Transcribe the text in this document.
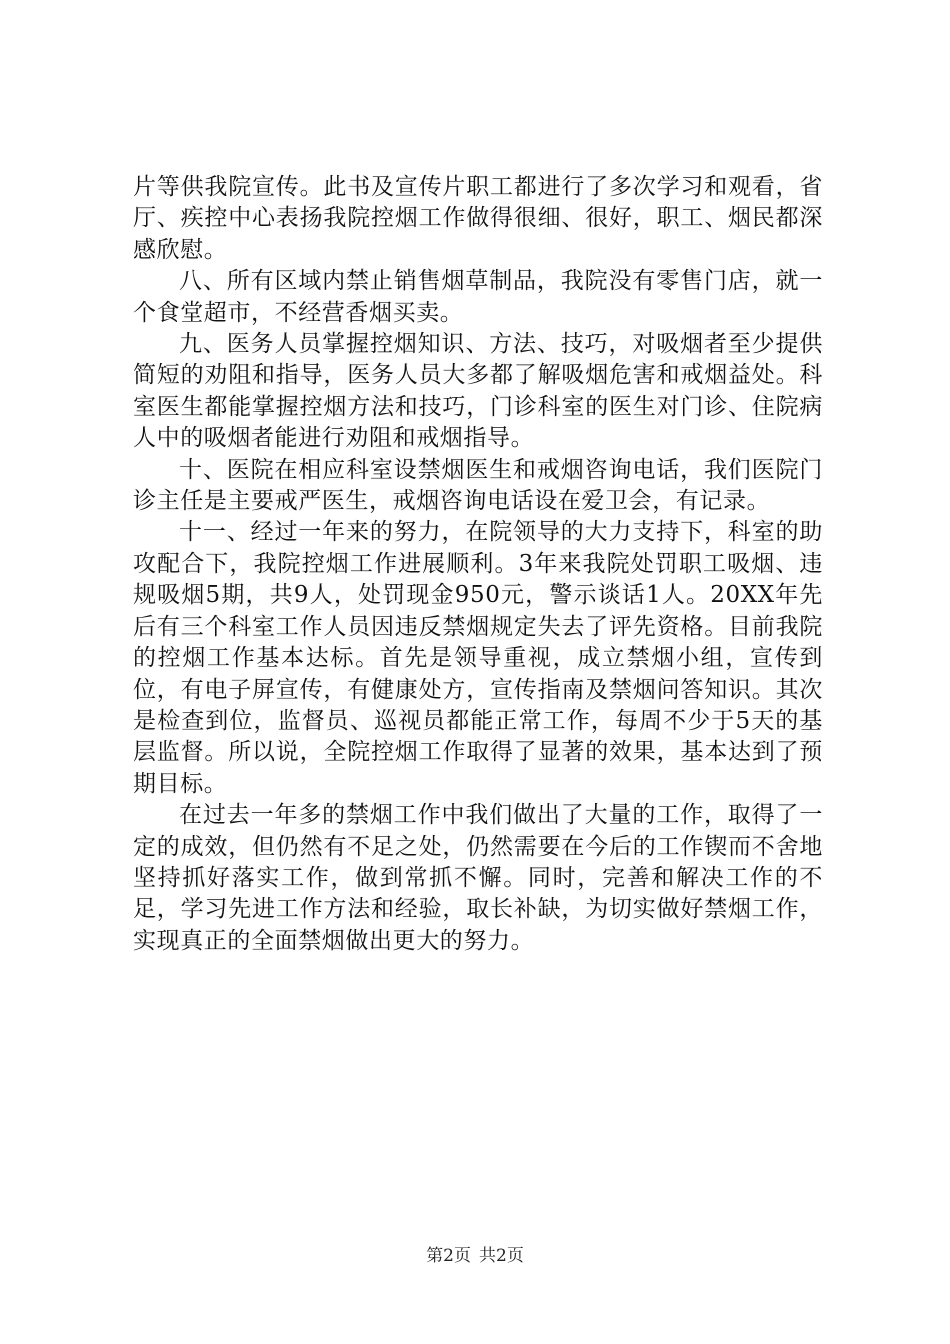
片等供我院宣传。此书及宣传片职工都进行了多次学习和观看，省厅、疾控中心表扬我院控烟工作做得很细、很好，职工、烟民都深感欣慰。

八、所有区域内禁止销售烟草制品，我院没有零售门店，就一个食堂超市，不经营香烟买卖。

九、医务人员掌握控烟知识、方法、技巧，对吸烟者至少提供简短的劝阻和指导，医务人员大多都了解吸烟危害和戒烟益处。科室医生都能掌握控烟方法和技巧，门诊科室的医生对门诊、住院病人中的吸烟者能进行劝阻和戒烟指导。

十、医院在相应科室设禁烟医生和戒烟咨询电话，我们医院门诊主任是主要戒严医生，戒烟咨询电话设在爱卫会，有记录。

十一、经过一年来的努力，在院领导的大力支持下，科室的助攻配合下，我院控烟工作进展顺利。3年来我院处罚职工吸烟、违规吸烟5期，共9人，处罚现金950元，警示谈话1人。20XX年先后有三个科室工作人员因违反禁烟规定失去了评先资格。目前我院的控烟工作基本达标。首先是领导重视，成立禁烟小组，宣传到位，有电子屏宣传，有健康处方，宣传指南及禁烟问答知识。其次是检查到位，监督员、巡视员都能正常工作，每周不少于5天的基层监督。所以说，全院控烟工作取得了显著的效果，基本达到了预期目标。

在过去一年多的禁烟工作中我们做出了大量的工作，取得了一定的成效，但仍然有不足之处，仍然需要在今后的工作锲而不舍地坚持抓好落实工作，做到常抓不懈。同时，完善和解决工作的不足，学习先进工作方法和经验，取长补缺，为切实做好禁烟工作，实现真正的全面禁烟做出更大的努力。

第2页 共2页
